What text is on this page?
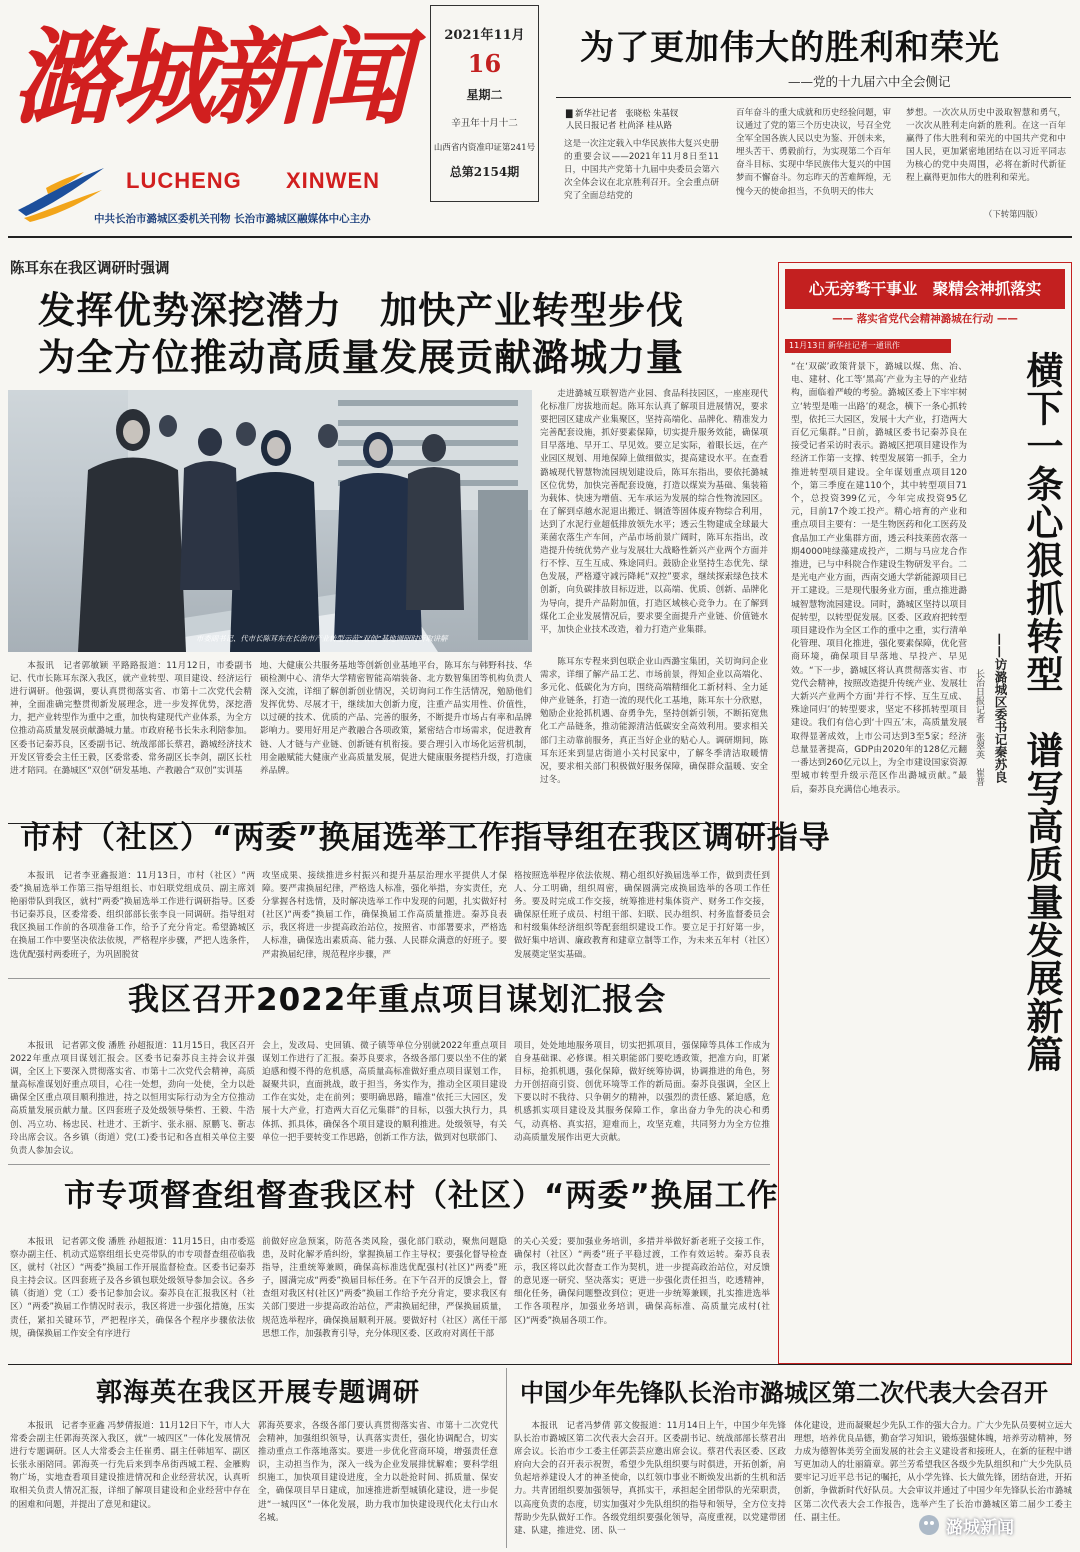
潞城新闻
LUCHENG XINWEN
中共长治市潞城区委机关刊物 长治市潞城区融媒体中心主办
2021年11月
16
星期二
辛丑年十月十二
山西省内资准印证第241号
总第2154期
为了更加伟大的胜利和荣光
——党的十九届六中全会侧记
▇ 新华社记者　张晓松 朱基钗
人民日报记者 杜尚泽 桂从路

这是一次注定载入中华民族伟大复兴史册的重要会议——2021年11月8日至11日，中国共产党第十九届中央委员会第六次全体会议在北京胜利召开。全会重点研究了全面总结党的

百年奋斗的重大成就和历史经验问题，审议通过了党的第三个历史决议，号召全党全军全国各族人民以史为鉴、开创未来，埋头苦干、勇毅前行，为实现第二个百年奋斗目标、实现中华民族伟大复兴的中国梦而不懈奋斗。勿忘昨天的苦难辉煌，无愧今天的使命担当，不负明天的伟大

梦想。一次次从历史中汲取智慧和勇气，一次次从胜利走向新的胜利。在这一百年赢得了伟大胜利和荣光的中国共产党和中国人民，更加紧密地团结在以习近平同志为核心的党中央周围，必将在新时代新征程上赢得更加伟大的胜利和荣光。

（下转第四版）
陈耳东在我区调研时强调
发挥优势深挖潜力　加快产业转型步伐
为全方位推动高质量发展贡献潞城力量
市委副书记、代市长陈耳东在长治市产业转型示范“双创”基地调研时听取讲解

本报讯　记者郭敏颖 平路路报道：11月12日，市委副书记、代市长陈耳东深入我区，就产业转型、项目建设、经济运行进行调研。他强调，要认真贯彻落实省、市第十二次党代会精神，全面准确完整贯彻新发展理念，进一步发挥优势，深挖潜力，把产业转型作为重中之重，加快构建现代产业体系，为全方位推动高质量发展贡献潞城力量。市政府秘书长朱永利陪参加。区委书记秦苏良，区委副书记、统战部部长蔡君，潞城经济技术开发区管委会主任王毅，区委常委、常务副区长李剑，副区长杜进才陪同。在潞城区“双创”研发基地、产教融合“双创”实训基

地、大健康公共服务基地等创新创业基地平台，陈耳东与韩野科技、华硕检测中心、清华大学精密智能高端装备、北方数智集团等机构负责人深入交流，详细了解创新创业情况，关切询问工作生活情况，勉励他们发挥优势、尽展才干，继续加大创新力度，注重产品实用性、价值性，以过硬的技术、优质的产品、完善的服务，不断提升市场占有率和品牌影响力。要用好用足产教融合各项政策，紧密结合市场需求，促进教育链、人才链与产业链、创新链有机衔接。要合理引入市场化运营机制，用金融赋能大健康产业高质量发展，促进大健康服务提档升级，打造康养品牌。

走进潞城互联智造产业园、食品科技园区，一座座现代化标准厂房拔地而起。陈耳东认真了解项目进展情况，要求要把园区建成产业集聚区，坚持高端化、品牌化、精准发力完善配套设施，抓好要素保障，切实提升服务效能，确保项目早落地、早开工、早见效。要立足实际，着眼长远，在产业园区规划、用地保障上做细做实，提高建设水平。在查看潞城现代智慧物流园规划建设后，陈耳东指出，要依托潞城区位优势，加快完善配套设施，打造以煤炭为基础、集装箱为载体、快速为增值、无车承运为发展的综合性物流园区。在了解到卓越水泥退出搬迁、钢渣等固体废弃物综合利用，达到了水泥行业超低排放领先水平；透云生物建成全球最大莱菌农落生产车间，产品市场前景广阔时，陈耳东指出，改造提升传统优势产业与发展壮大战略性新兴产业两个方面并行不悖、互生互成、殊途同归。鼓励企业坚持生态优先、绿色发展，严格遵守减污降耗“双控”要求，继续探索绿色技术创新，向负碳排放目标迈进，以高端、优质、创新、品牌化为导向，提升产品附加值，打造区域核心竞争力。在了解到煤化工企业发展情况后，要求要全面提升产业链、价值链水平，加快企业技术改造，着力打造产业集群。

陈耳东专程来到包联企业山西潞宝集团，关切询问企业需求，详细了解产品工艺、市场前景，得知企业以高端化、多元化、低碳化为方向，围绕高端精细化工新材料、全力延伸产业链条，打造一流的现代化工基地，陈耳东十分欣慰，勉励企业抢抓机遇、奋勇争先，坚持创新引领，不断拓宽焦化工产品链条，推动能源清洁低碳安全高效利用。要求相关部门主动靠前服务，真正当好企业的贴心人。调研期间，陈耳东还来到显店街道小关村民家中，了解冬季清洁取暖情况，要求相关部门积极做好服务保障，确保群众温暖、安全过冬。

心无旁骛干事业　聚精会神抓落实
—— 落实省党代会精神潞城在行动 ——
11月13日 新华社记者一通讯作

“在‘双碳’政策背景下，潞城以煤、焦、冶、电、建材、化工等‘黑高’产业为主导的产业结构，面临着严峻的考验。潞城区委上下牢牢树立‘转型是唯一出路’的观念，横下一条心抓转型，依托三大园区，发展十大产业，打造两大百亿元集群。”日前，潞城区委书记秦苏良在接受记者采访时表示。潞城区把项目建设作为经济工作第一支撑、转型发展第一抓手，全力推进转型项目建设。全年谋划重点项目120个，第三季度在建110个，其中转型项目71个，总投资399亿元，今年完成投资95亿元，目前17个竣工投产。精心培育的产业和重点项目主要有：一是生物医药和化工医药及食品加工产业集群方面，透云科技莱茵农落一期4000吨绿藻建成投产，二期与马应龙合作推进，已与中科院合作建设生物研发平台。二是光电产业方面，西南交通大学新能源项目已开工建设。三是现代服务业方面，重点推进潞城智慧物流园建设。同时，潞城区坚持以项目促转型，以转型促发展。区委、区政府把转型项目建设作为全区工作的重中之重，实行清单化管理、项目化推进，强化要素保障，优化营商环境，确保项目早落地、早投产、早见效。“下一步，潞城区将认真贯彻落实省、市党代会精神，按照改造提升传统产业、发展壮大新兴产业两个方面‘并行不悖、互生互成、殊途同归’的转型要求，坚定不移抓转型项目建设。我们有信心到‘十四五’末，高质量发展取得显著成效，上市公司达到3至5家；经济总量显著提高，GDP由2020年的128亿元翻一番达到260亿元以上，为全市建设国家资源型城市转型升级示范区作出潞城贡献。”最后，秦苏良充满信心地表示。	横下一条心狠抓转型　谱写高质量发展新篇
——访潞城区委书记秦苏良
长治日报记者　张翠英　崔普
市村（社区）“两委”换届选举工作指导组在我区调研指导

本报讯　记者李亚鑫报道：11月13日，市村（社区）“两委”换届选举工作第三指导组组长、市妇联党组成员、副主席刘艳丽带队到我区，就村“两委”换届选举工作进行调研指导。区委书记秦苏良，区委常委、组织部部长张李良一同调研。指导组对我区换届工作前的各项准备工作，给予了充分肯定。希望潞城区在换届工作中要坚决依法依规，严格程序步骤，严把人选条件，选优配强村两委班子，为巩固脱贫

攻坚成果、接续推进乡村振兴和提升基层治理水平提供人才保障。要严肃换届纪律，严格选人标准，强化举措，夯实责任，充分掌握各村选情，及时解决选举工作中发现的问题，扎实做好村(社区)“两委”换届工作，确保换届工作高质量推进。秦苏良表示，我区将进一步提高政治站位，按照省、市部署要求，严格选人标准，确保选出素质高、能力强、人民群众满意的好班子。要严肃换届纪律，规范程序步骤，严

格按照选举程序依法依规、精心组织好换届选举工作，做到责任到人、分工明确，组织周密，确保圆满完成换届选举的各项工作任务。要及时完成工作交接，统筹推进村集体资产、财务工作交接，确保原任班子成员、村组干部、妇联、民办组织、村务监督委员会和村级集体经济组织等配套组织建设工作。要立足于打好第一步，做好集中培训、廉政教育和建章立制等工作，为未来五年村（社区）发展奠定坚实基础。

我区召开2022年重点项目谋划汇报会

本报讯　记者郭文俊 潘胜 孙超报道：11月15日，我区召开2022年重点项目谋划汇报会。区委书记秦苏良主持会议并强调，全区上下要深入贯彻落实省、市第十二次党代会精神，高质量高标准谋划好重点项目，心往一处想，劲向一处使，全力以赴确保全区重点项目顺利推进，持之以恒用实际行动为全方位推动高质量发展贡献力量。区四套班子及处级领导柴哲、王毅、牛浩创、冯立功、杨忠民、杜进才、王新宇、张永丽、原鹏飞、靳志玲出席会议。各乡镇（街道）党(工)委书记和各直相关单位主要负责人参加会议。

会上，发改局、史回镇、微子镇等单位分别就2022年重点项目谋划工作进行了汇报。秦苏良要求，各级各部门要以坐不住的紧迫感和慢不得的危机感，高质量高标准做好重点项目谋划工作，凝聚共识，直面挑战，敢于担当，务实作为，推动全区项目建设工作在实处，走在前列；要明确思路，瞄准“依托三大园区，发展十大产业，打造两大百亿元集群”的目标，以强大执行力，具体抓、抓具体，确保各个项目建设的顺利推进。处级领导，有关单位一把手要转变工作思路，创新工作方法，做到对包联部门、

项目，处处地地服务项目，切实把抓项目，强保障等具体工作成为自身基础课、必修课。相关职能部门要吃透政策，把准方向，盯紧目标，抢抓机遇，强化保障，做好统筹协调，协调推进的角色，努力开创招商引资、创优环境等工作的新局面。秦苏良强调，全区上下要以时不我待、只争朝夕的精神，以强烈的责任感、紧迫感，危机感抓实项目建设及其服务保障工作，拿出奋力争先的决心和勇气，动真格、真实招，迎难而上，攻坚克难，共同努力为全方位推动高质量发展作出更大贡献。

市专项督查组督查我区村（社区）“两委”换届工作

本报讯　记者郭文俊 潘胜 孙超报道：11月15日，由市委巡察办副主任、机动式巡察组组长史亮带队的市专项督查组莅临我区，就村（社区）“两委”换届工作开展监督检查。区委书记秦苏良主持会议。区四套班子及各乡镇包联处级领导参加会议。各乡镇（街道）党（工）委书记参加会议。秦苏良在汇报我区村（社区）“两委”换届工作情况时表示，我区将进一步强化措施，压实责任，紧扣关键环节，严把程序关，确保各个程序步骤依法依规，确保换届工作安全有序进行

前做好应急预案，防范各类风险，强化部门联动，聚焦问题隐患，及时化解矛盾纠纷，掌握换届工作主导权；要强化督导检查指导，注重统筹兼顾，确保高标准选优配强村(社区)“两委”班子，圆满完成“两委”换届目标任务。在下午召开的反馈会上，督查组对我区村(社区)“两委”换届工作给予充分肯定，要求我区有关部门要进一步提高政治站位，严肃换届纪律，严保换届质量，规范选举程序，确保换届顺利开展。要做好村（社区）离任干部思想工作，加强教育引导，充分体现区委、区政府对离任干部

的关心关爱；要加强业务培训，多措并举做好新老班子交接工作，确保村（社区）“两委”班子平稳过渡，工作有效运转。秦苏良表示，我区将以此次督查工作为契机，进一步提高政治站位，对反馈的意见逐一研究、坚决落实；更进一步强化责任担当，吃透精神，细化任务，确保问题整改到位；更进一步统筹兼顾，扎实推进选举工作各项程序，加强业务培训，确保高标准、高质量完成村(社区)“两委”换届各项工作。

郭海英在我区开展专题调研

本报讯　记者李亚鑫 冯梦倩报道：11月12日下午，市人大常委会副主任郭海英深入我区，就“一城四区”一体化发展情况进行专题调研。区人大常委会主任崔勇、副主任韩旭军、副区长张永丽陪同。郭海英一行先后来到李帛街西城工程、金雁购物广场，实地查看项目建设推进情况和企业经营状况，认真听取相关负责人情况汇报，详细了解项目建设和企业经营中存在的困难和问题，并提出了意见和建议。

郭海英要求，各级各部门要认真贯彻落实省、市第十二次党代会精神，加强组织领导，认真落实责任，强化协调配合，切实推动重点工作落地落实。要进一步优化营商环境，增强责任意识，主动担当作为，深入一线为企业发展排忧解难；要科学组织施工，加快项目建设进度，全力以赴抢时间、抓质量、保安全，确保项目早日建成，加速推进新型城镇化建设，进一步促进“一城四区”一体化发展，助力我市加快建设现代化太行山水名城。

中国少年先锋队长治市潞城区第二次代表大会召开

本报讯　记者冯梦倩 郭文俊报道：11月14日上午，中国少年先锋队长治市潞城区第二次代表大会召开。区委副书记、统战部部长蔡君出席会议。长治市少工委主任郭芸芸应邀出席会议。蔡君代表区委、区政府向大会的召开表示祝贺，希望少先队组织要与时俱进，开拓创新，肩负起培养建设人才的神圣使命，以红领巾事业不断焕发出新的生机和活力。共青团组织要加强领导，真抓实干，承担起全团带队的光荣职责，以高度负责的态度，切实加强对少先队组织的指导和领导，全方位支持帮助少先队做好工作。各级党组织要强化领导，高度重视，以党建带团建、队建，推进党、团、队一

体化建设，进而凝聚起少先队工作的强大合力。广大少先队员要树立远大理想，培养优良品德，勤奋学习知识，锻炼强健体魄，培养劳动精神，努力成为德智体美劳全面发展的社会主义建设者和接班人，在新的征程中谱写更加动人的壮丽篇章。郭兰芳希望我区各级少先队组织和广大少先队员要牢记习近平总书记的嘱托，从小学先锋、长大做先锋，团结奋进，开拓创新，争做新时代好队员。大会审议并通过了中国少年先锋队长治市潞城区第二次代表大会工作报告，选举产生了长治市潞城区第二届少工委主任、副主任。	潞城新闻
